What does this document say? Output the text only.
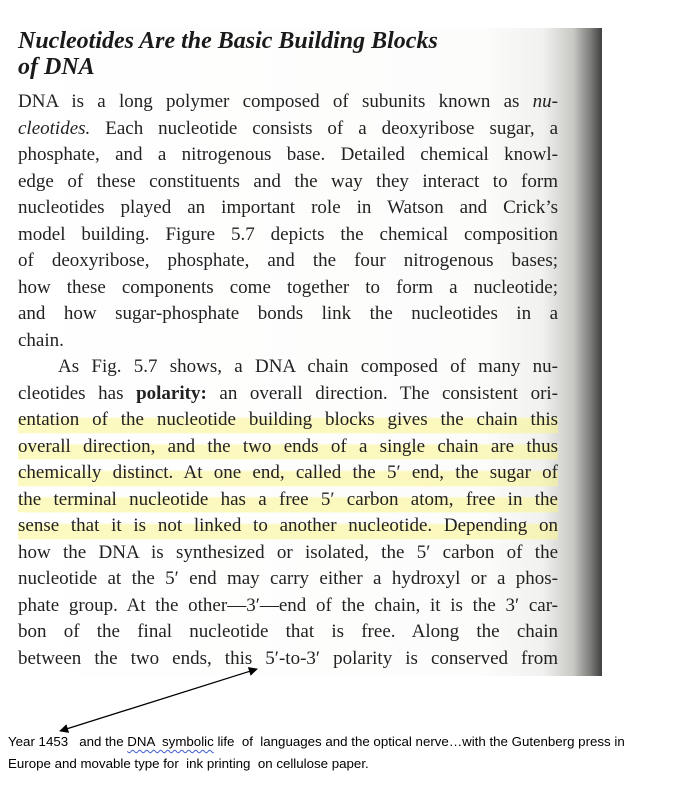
Nucleotides Are the Basic Building Blocks
of DNA
DNA is a long polymer composed of subunits known as nu-
cleotides. Each nucleotide consists of a deoxyribose sugar, a
phosphate, and a nitrogenous base. Detailed chemical knowl-
edge of these constituents and the way they interact to form
nucleotides played an important role in Watson and Crick’s
model building. Figure 5.7 depicts the chemical composition
of deoxyribose, phosphate, and the four nitrogenous bases;
how these components come together to form a nucleotide;
and how sugar-phosphate bonds link the nucleotides in a
chain.
As Fig. 5.7 shows, a DNA chain composed of many nu-
cleotides has polarity: an overall direction. The consistent ori-
entation of the nucleotide building blocks gives the chain this
overall direction, and the two ends of a single chain are thus
chemically distinct. At one end, called the 5′ end, the sugar of
the terminal nucleotide has a free 5′ carbon atom, free in the
sense that it is not linked to another nucleotide. Depending on
how the DNA is synthesized or isolated, the 5′ carbon of the
nucleotide at the 5′ end may carry either a hydroxyl or a phos-
phate group. At the other—3′—end of the chain, it is the 3′ car-
bon of the final nucleotide that is free. Along the chain
between the two ends, this 5′-to-3′ polarity is conserved from
Year 1453   and the DNA  symbolic life  of  languages and the optical nerve…with the Gutenberg press in
Europe and movable type for  ink printing  on cellulose paper.
